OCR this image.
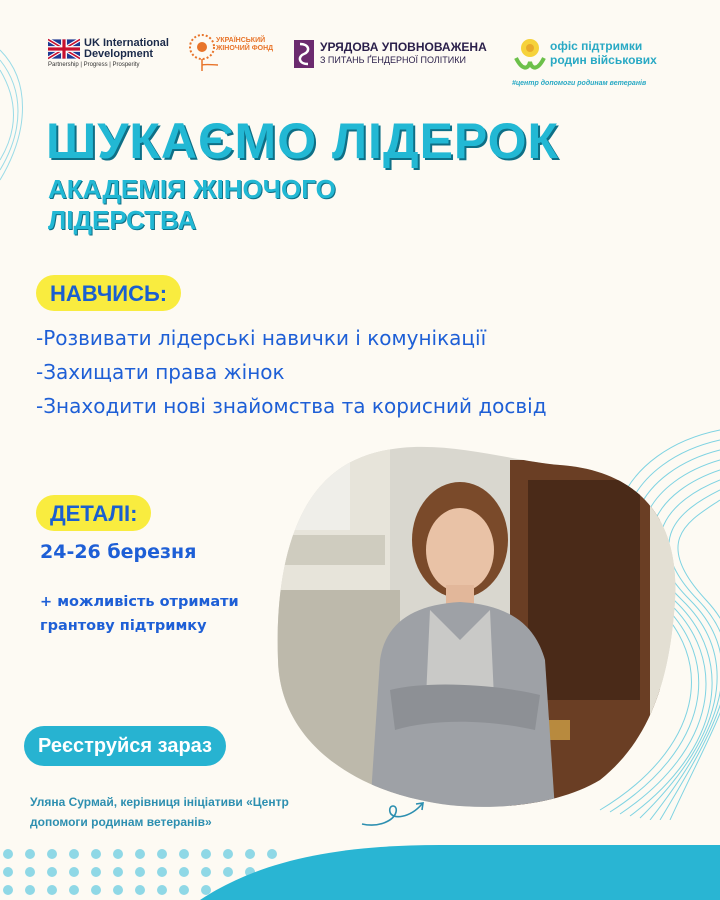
UK International
Development
Partnership | Progress | Prosperity
УКРАЇНСЬКИЙ ЖІНОЧИЙ ФОНД	УРЯДОВА УПОВНОВАЖЕНА
З ПИТАНЬ ҐЕНДЕРНОЇ ПОЛІТИКИ
офіс підтримки
родин військових
#центр допомоги родинам ветеранів
ШУКАЄМО ЛІДЕРОК
АКАДЕМІЯ ЖІНОЧОГО
ЛІДЕРСТВА
НАВЧИСЬ:
-Розвивати лідерські навички і комунікації
-Захищати права жінок
-Знаходити нові знайомства та корисний досвід
ДЕТАЛІ:
24-26 березня
+ можливість отримати
грантову підтримку
Реєструйся зараз
Уляна Сурмай, керівниця ініціативи «Центр
допомоги родинам ветеранів»
